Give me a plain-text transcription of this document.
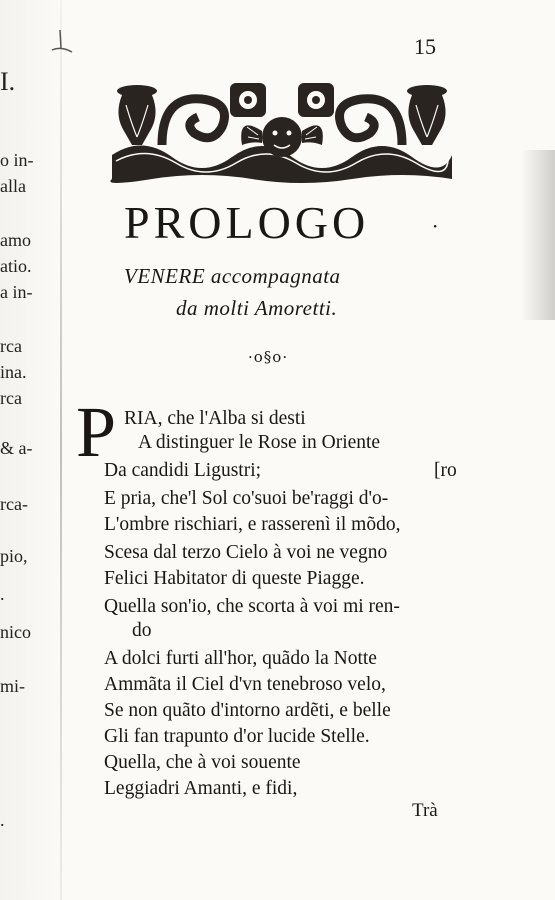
I.
o in-
alla
amo
atio.
a in-
rca
ina.
rca
& a-
rca-
pio,
.
nico
mi-
.
15
PROLOGO	·
VENERE accompagnata
da molti Amoretti.
·o§o·
P RIA, che l'Alba si desti
A distinguer le Rose in Oriente
Da candidi Ligustri;	[ro
E pria, che'l Sol co'suoi be'raggi d'o-
L'ombre rischiari, e rasserenì il mõdo,
Scesa dal terzo Cielo à voi ne vegno
Felici Habitator di queste Piagge.
Quella son'io, che scorta à voi mi ren-
do
A dolci furti all'hor, quãdo la Notte
Ammãta il Ciel d'vn tenebroso velo,
Se non quãto d'intorno ardẽti, e belle
Gli fan trapunto d'or lucide Stelle.
Quella, che à voi souente
Leggiadri Amanti, e fidi,
Trà
